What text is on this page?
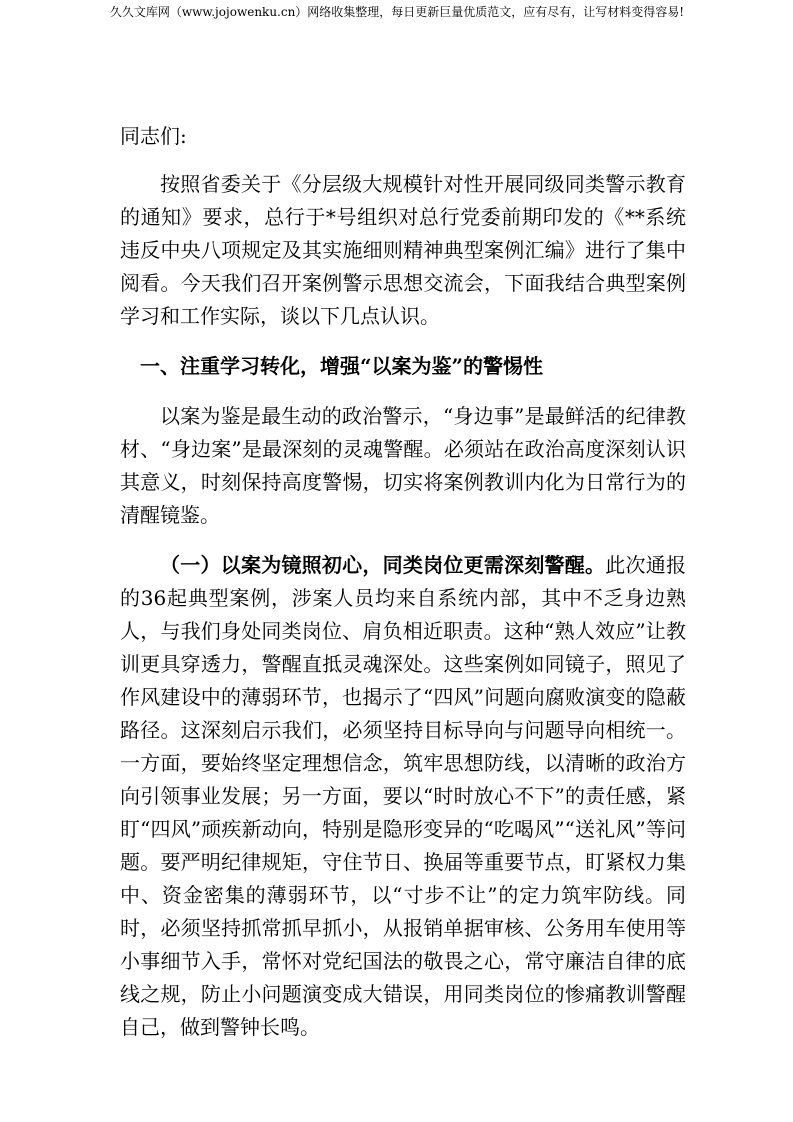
久久文库网（www.jojowenku.cn）网络收集整理，每日更新巨量优质范文，应有尽有，让写材料变得容易!

同志们:

按照省委关于《分层级大规模针对性开展同级同类警示教育的通知》要求，总行于*号组织对总行党委前期印发的《**系统违反中央八项规定及其实施细则精神典型案例汇编》进行了集中阅看。今天我们召开案例警示思想交流会，下面我结合典型案例学习和工作实际，谈以下几点认识。

一、注重学习转化，增强“以案为鉴”的警惕性

以案为鉴是最生动的政治警示，“身边事”是最鲜活的纪律教材、“身边案”是最深刻的灵魂警醒。必须站在政治高度深刻认识其意义，时刻保持高度警惕，切实将案例教训内化为日常行为的清醒镜鉴。

（一）以案为镜照初心，同类岗位更需深刻警醒。此次通报的36起典型案例，涉案人员均来自系统内部，其中不乏身边熟人，与我们身处同类岗位、肩负相近职责。这种“熟人效应”让教训更具穿透力，警醒直抵灵魂深处。这些案例如同镜子，照见了作风建设中的薄弱环节，也揭示了“四风”问题向腐败演变的隐蔽路径。这深刻启示我们，必须坚持目标导向与问题导向相统一。一方面，要始终坚定理想信念，筑牢思想防线，以清晰的政治方向引领事业发展；另一方面，要以“时时放心不下”的责任感，紧盯“四风”顽疾新动向，特别是隐形变异的“吃喝风”“送礼风”等问题。要严明纪律规矩，守住节日、换届等重要节点，盯紧权力集中、资金密集的薄弱环节，以“寸步不让”的定力筑牢防线。同时，必须坚持抓常抓早抓小，从报销单据审核、公务用车使用等小事细节入手，常怀对党纪国法的敬畏之心，常守廉洁自律的底线之规，防止小问题演变成大错误，用同类岗位的惨痛教训警醒自己，做到警钟长鸣。
